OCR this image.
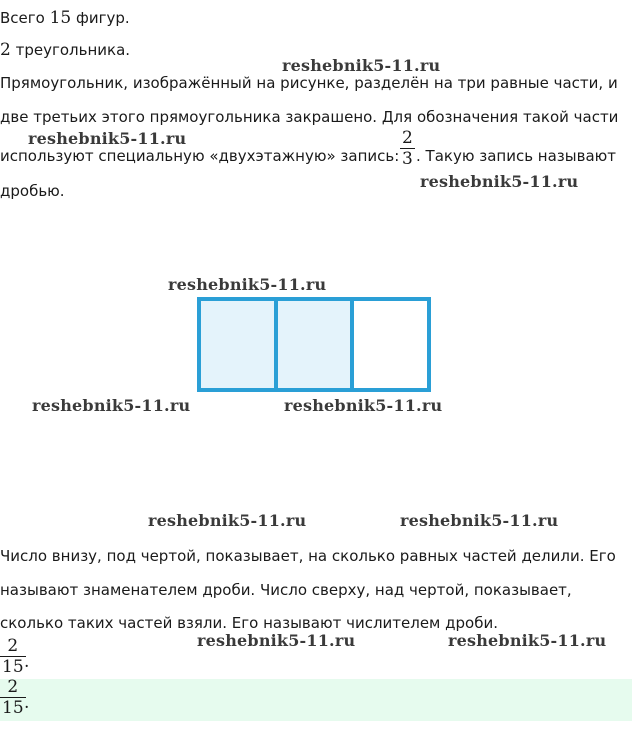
Всего 15 фигур.
2 треугольника.
reshebnik5-11.ru
Прямоугольник, изображённый на рисунке, разделён на три равные части, и
две третьих этого прямоугольника закрашено. Для обозначения такой части
reshebnik5-11.ru
используют специальную «двухэтажную» запись:
2
3 . Такую запись называют
reshebnik5-11.ru
дробью.
reshebnik5-11.ru
reshebnik5-11.ru	reshebnik5-11.ru
reshebnik5-11.ru	reshebnik5-11.ru
Число внизу, под чертой, показывает, на сколько равных частей делили. Его
называют знаменателем дроби. Число сверху, над чертой, показывает,
сколько таких частей взяли. Его называют числителем дроби.
reshebnik5-11.ru	reshebnik5-11.ru
2
15 .
2
15 .
